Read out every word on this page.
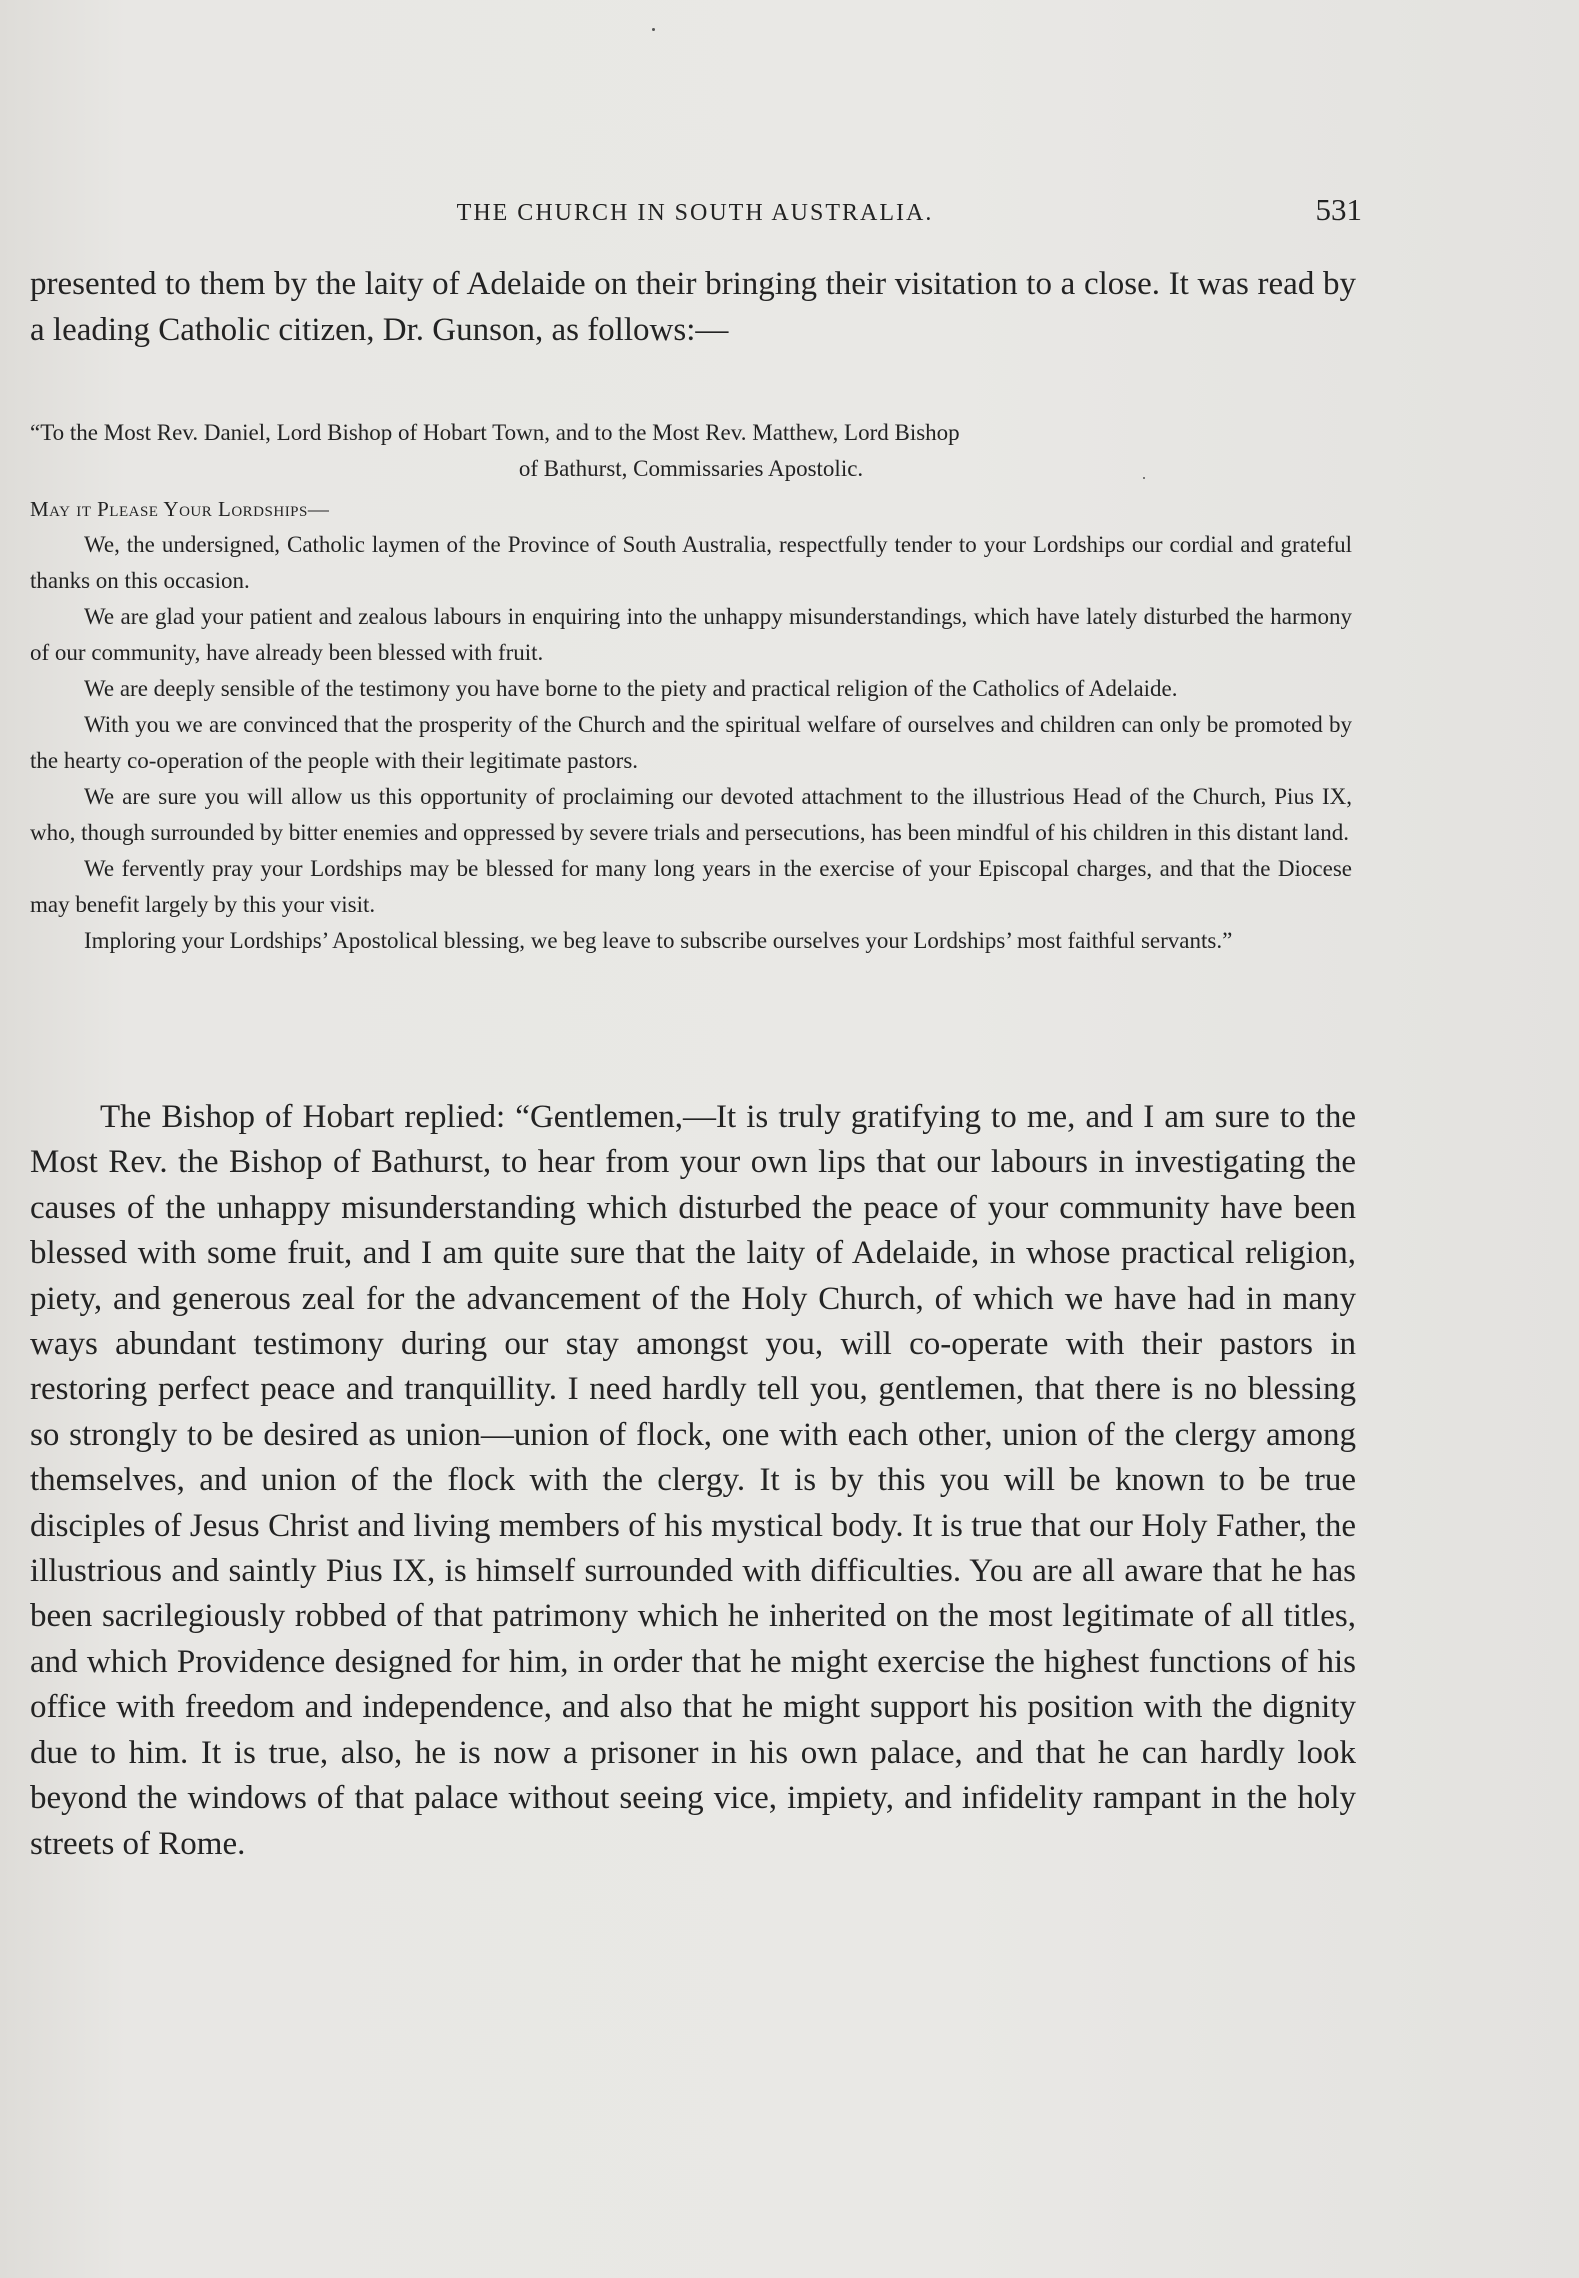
THE CHURCH IN SOUTH AUSTRALIA.	531

presented to them by the laity of Adelaide on their bringing their visitation to a close. It was read by a leading Catholic citizen, Dr. Gunson, as follows:—

“To the Most Rev. Daniel, Lord Bishop of Hobart Town, and to the Most Rev. Matthew, Lord Bishop
of Bathurst, Commissaries Apostolic.

May it Please Your Lordships—

We, the undersigned, Catholic laymen of the Province of South Australia, respectfully tender to your Lordships our cordial and grateful thanks on this occasion.

We are glad your patient and zealous labours in enquiring into the unhappy misunderstandings, which have lately disturbed the harmony of our community, have already been blessed with fruit.

We are deeply sensible of the testimony you have borne to the piety and practical religion of the Catholics of Adelaide.

With you we are convinced that the prosperity of the Church and the spiritual welfare of ourselves and children can only be promoted by the hearty co-operation of the people with their legitimate pastors.

We are sure you will allow us this opportunity of proclaiming our devoted attachment to the illustrious Head of the Church, Pius IX, who, though surrounded by bitter enemies and oppressed by severe trials and persecutions, has been mindful of his children in this distant land.

We fervently pray your Lordships may be blessed for many long years in the exercise of your Episcopal charges, and that the Diocese may benefit largely by this your visit.

Imploring your Lordships’ Apostolical blessing, we beg leave to subscribe ourselves your Lordships’ most faithful servants.”

The Bishop of Hobart replied: “Gentlemen,—It is truly gratifying to me, and I am sure to the Most Rev. the Bishop of Bathurst, to hear from your own lips that our labours in investigating the causes of the unhappy misunderstanding which disturbed the peace of your community have been blessed with some fruit, and I am quite sure that the laity of Adelaide, in whose practical religion, piety, and generous zeal for the advancement of the Holy Church, of which we have had in many ways abundant testimony during our stay amongst you, will co-operate with their pastors in restoring perfect peace and tranquillity. I need hardly tell you, gentlemen, that there is no blessing so strongly to be desired as union—union of flock, one with each other, union of the clergy among themselves, and union of the flock with the clergy. It is by this you will be known to be true disciples of Jesus Christ and living members of his mystical body. It is true that our Holy Father, the illustrious and saintly Pius IX, is himself surrounded with difficulties. You are all aware that he has been sacrilegiously robbed of that patrimony which he inherited on the most legitimate of all titles, and which Providence designed for him, in order that he might exercise the highest functions of his office with freedom and independence, and also that he might support his position with the dignity due to him. It is true, also, he is now a prisoner in his own palace, and that he can hardly look beyond the windows of that palace without seeing vice, impiety, and infidelity rampant in the holy streets of Rome.
